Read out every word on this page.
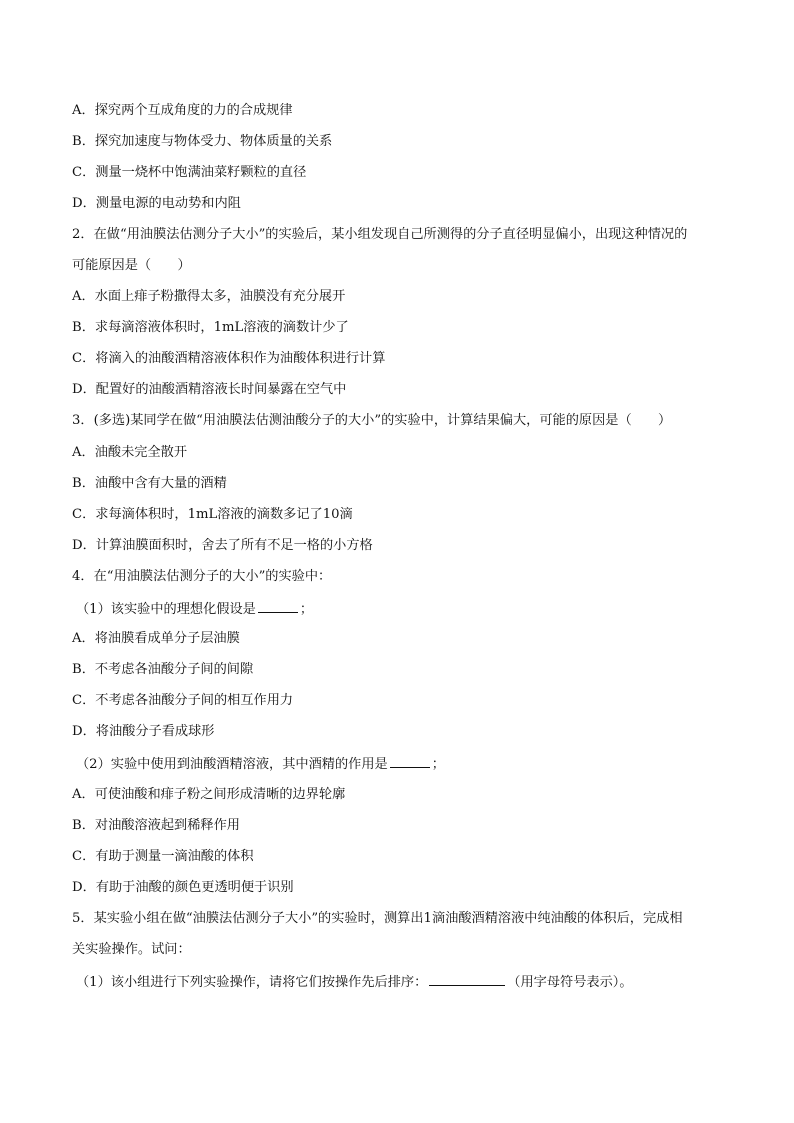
A．探究两个互成角度的力的合成规律
B．探究加速度与物体受力、物体质量的关系
C．测量一烧杯中饱满油菜籽颗粒的直径
D．测量电源的电动势和内阻
2．在做“用油膜法估测分子大小”的实验后，某小组发现自己所测得的分子直径明显偏小，出现这种情况的
可能原因是（　　）
A．水面上痱子粉撒得太多，油膜没有充分展开
B．求每滴溶液体积时，1mL溶液的滴数计少了
C．将滴入的油酸酒精溶液体积作为油酸体积进行计算
D．配置好的油酸酒精溶液长时间暴露在空气中
3．(多选)某同学在做“用油膜法估测油酸分子的大小”的实验中，计算结果偏大，可能的原因是（　　）
A．油酸未完全散开
B．油酸中含有大量的酒精
C．求每滴体积时，1mL溶液的滴数多记了10滴
D．计算油膜面积时，舍去了所有不足一格的小方格
4．在“用油膜法估测分子的大小”的实验中：
（1）该实验中的理想化假设是	；
A．将油膜看成单分子层油膜
B．不考虑各油酸分子间的间隙
C．不考虑各油酸分子间的相互作用力
D．将油酸分子看成球形
（2）实验中使用到油酸酒精溶液，其中酒精的作用是	；
A．可使油酸和痱子粉之间形成清晰的边界轮廓
B．对油酸溶液起到稀释作用
C．有助于测量一滴油酸的体积
D．有助于油酸的颜色更透明便于识别
5．某实验小组在做“油膜法估测分子大小”的实验时，测算出1滴油酸酒精溶液中纯油酸的体积后，完成相
关实验操作。试问：
（1）该小组进行下列实验操作，请将它们按操作先后排序：	（用字母符号表示）。
